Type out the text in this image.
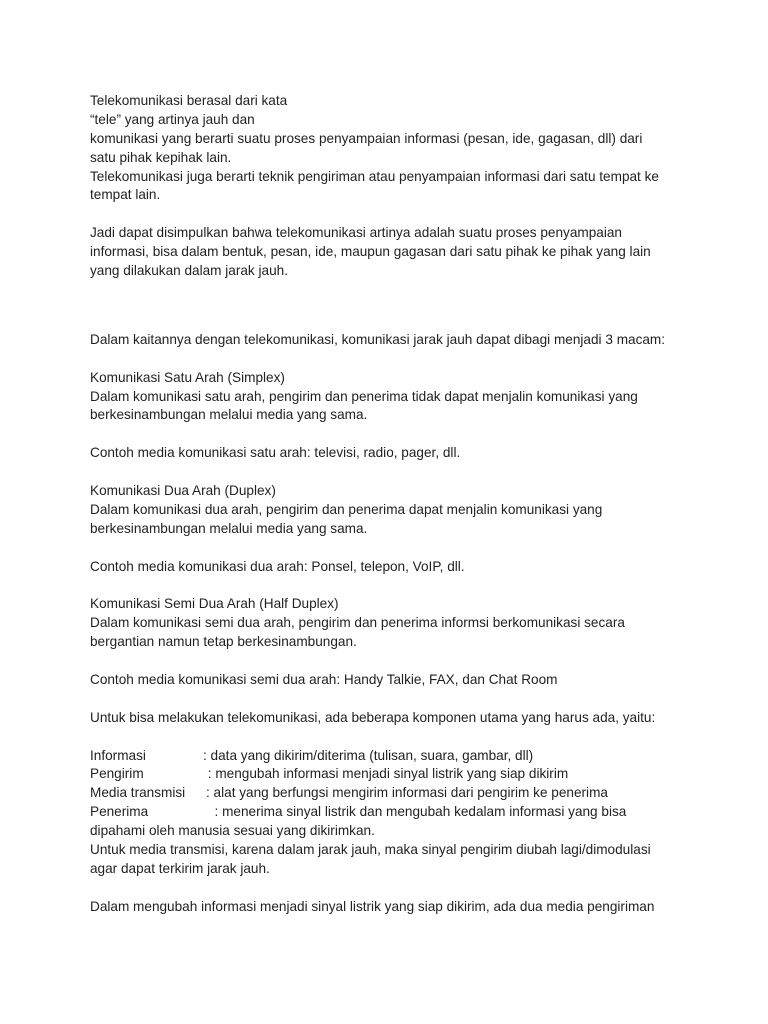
Telekomunikasi berasal dari kata
“tele” yang artinya jauh dan
komunikasi yang berarti suatu proses penyampaian informasi (pesan, ide, gagasan, dll) dari
satu pihak kepihak lain.
Telekomunikasi juga berarti teknik pengiriman atau penyampaian informasi dari satu tempat ke
tempat lain.
Jadi dapat disimpulkan bahwa telekomunikasi artinya adalah suatu proses penyampaian
informasi, bisa dalam bentuk, pesan, ide, maupun gagasan dari satu pihak ke pihak yang lain
yang dilakukan dalam jarak jauh.
Dalam kaitannya dengan telekomunikasi, komunikasi jarak jauh dapat dibagi menjadi 3 macam:
Komunikasi Satu Arah (Simplex)
Dalam komunikasi satu arah, pengirim dan penerima tidak dapat menjalin komunikasi yang
berkesinambungan melalui media yang sama.
Contoh media komunikasi satu arah: televisi, radio, pager, dll.
Komunikasi Dua Arah (Duplex)
Dalam komunikasi dua arah, pengirim dan penerima dapat menjalin komunikasi yang
berkesinambungan melalui media yang sama.
Contoh media komunikasi dua arah: Ponsel, telepon, VoIP, dll.
Komunikasi Semi Dua Arah (Half Duplex)
Dalam komunikasi semi dua arah, pengirim dan penerima informsi berkomunikasi secara
bergantian namun tetap berkesinambungan.
Contoh media komunikasi semi dua arah: Handy Talkie, FAX, dan Chat Room
Untuk bisa melakukan telekomunikasi, ada beberapa komponen utama yang harus ada, yaitu:
Informasi	: data yang dikirim/diterima (tulisan, suara, gambar, dll)
Pengirim	: mengubah informasi menjadi sinyal listrik yang siap dikirim
Media transmisi	: alat yang berfungsi mengirim informasi dari pengirim ke penerima
Penerima	: menerima sinyal listrik dan mengubah kedalam informasi yang bisa
dipahami oleh manusia sesuai yang dikirimkan.
Untuk media transmisi, karena dalam jarak jauh, maka sinyal pengirim diubah lagi/dimodulasi
agar dapat terkirim jarak jauh.
Dalam mengubah informasi menjadi sinyal listrik yang siap dikirim, ada dua media pengiriman
